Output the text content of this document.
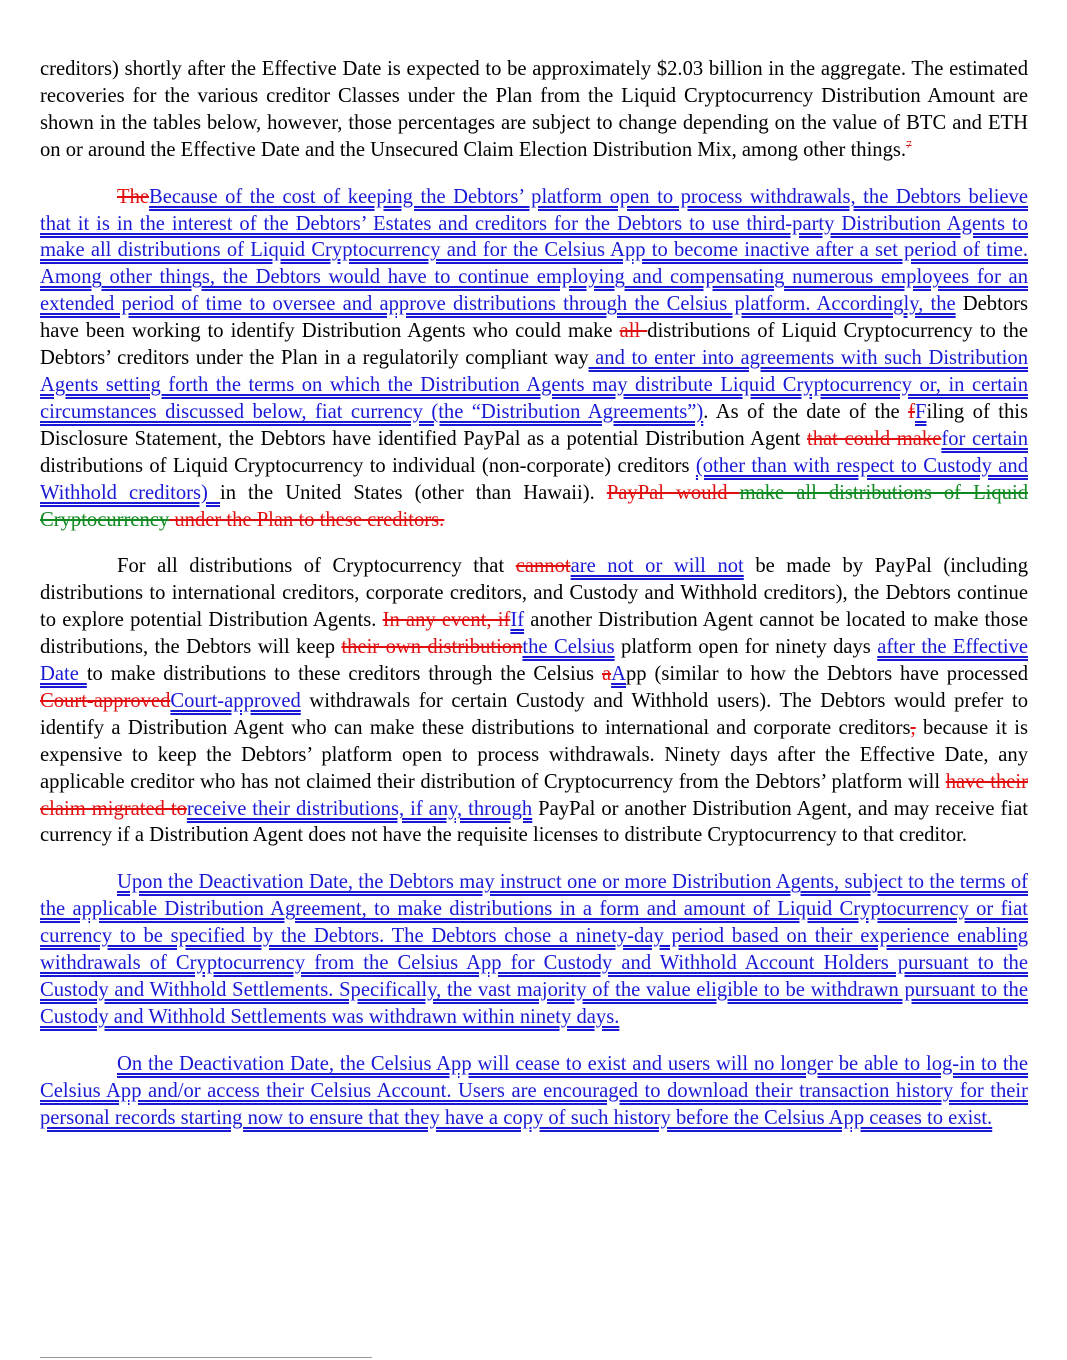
creditors) shortly after the Effective Date is expected to be approximately $2.03 billion in the aggregate. The estimated recoveries for the various creditor Classes under the Plan from the Liquid Cryptocurrency Distribution Amount are shown in the tables below, however, those percentages are subject to change depending on the value of BTC and ETH on or around the Effective Date and the Unsecured Claim Election Distribution Mix, among other things.$^7$

TheBecause of the cost of keeping the Debtors’ platform open to process withdrawals, the Debtors believe that it is in the interest of the Debtors’ Estates and creditors for the Debtors to use third-party Distribution Agents to make all distributions of Liquid Cryptocurrency and for the Celsius App to become inactive after a set period of time. Among other things, the Debtors would have to continue employing and compensating numerous employees for an extended period of time to oversee and approve distributions through the Celsius platform. Accordingly, the Debtors have been working to identify Distribution Agents who could make all distributions of Liquid Cryptocurrency to the Debtors’ creditors under the Plan in a regulatorily compliant way and to enter into agreements with such Distribution Agents setting forth the terms on which the Distribution Agents may distribute Liquid Cryptocurrency or, in certain circumstances discussed below, fiat currency (the “Distribution Agreements”). As of the date of the fFiling of this Disclosure Statement, the Debtors have identified PayPal as a potential Distribution Agent that could makefor certain distributions of Liquid Cryptocurrency to individual (non-corporate) creditors (other than with respect to Custody and Withhold creditors) in the United States (other than Hawaii). PayPal would make all distributions of Liquid Cryptocurrency under the Plan to these creditors.

For all distributions of Cryptocurrency that cannotare not or will not be made by PayPal (including distributions to international creditors, corporate creditors, and Custody and Withhold creditors), the Debtors continue to explore potential Distribution Agents. In any event, ifIf another Distribution Agent cannot be located to make those distributions, the Debtors will keep their own distributionthe Celsius platform open for ninety days after the Effective Date to make distributions to these creditors through the Celsius aApp (similar to how the Debtors have processed Court-approvedCourt-approved withdrawals for certain Custody and Withhold users). The Debtors would prefer to identify a Distribution Agent who can make these distributions to international and corporate creditors, because it is expensive to keep the Debtors’ platform open to process withdrawals. Ninety days after the Effective Date, any applicable creditor who has not claimed their distribution of Cryptocurrency from the Debtors’ platform will have their claim migrated toreceive their distributions, if any, through PayPal or another Distribution Agent, and may receive fiat currency if a Distribution Agent does not have the requisite licenses to distribute Cryptocurrency to that creditor.

Upon the Deactivation Date, the Debtors may instruct one or more Distribution Agents, subject to the terms of the applicable Distribution Agreement, to make distributions in a form and amount of Liquid Cryptocurrency or fiat currency to be specified by the Debtors. The Debtors chose a ninety-day period based on their experience enabling withdrawals of Cryptocurrency from the Celsius App for Custody and Withhold Account Holders pursuant to the Custody and Withhold Settlements. Specifically, the vast majority of the value eligible to be withdrawn pursuant to the Custody and Withhold Settlements was withdrawn within ninety days.

On the Deactivation Date, the Celsius App will cease to exist and users will no longer be able to log-in to the Celsius App and/or access their Celsius Account. Users are encouraged to download their transaction history for their personal records starting now to ensure that they have a copy of such history before the Celsius App ceases to exist.
